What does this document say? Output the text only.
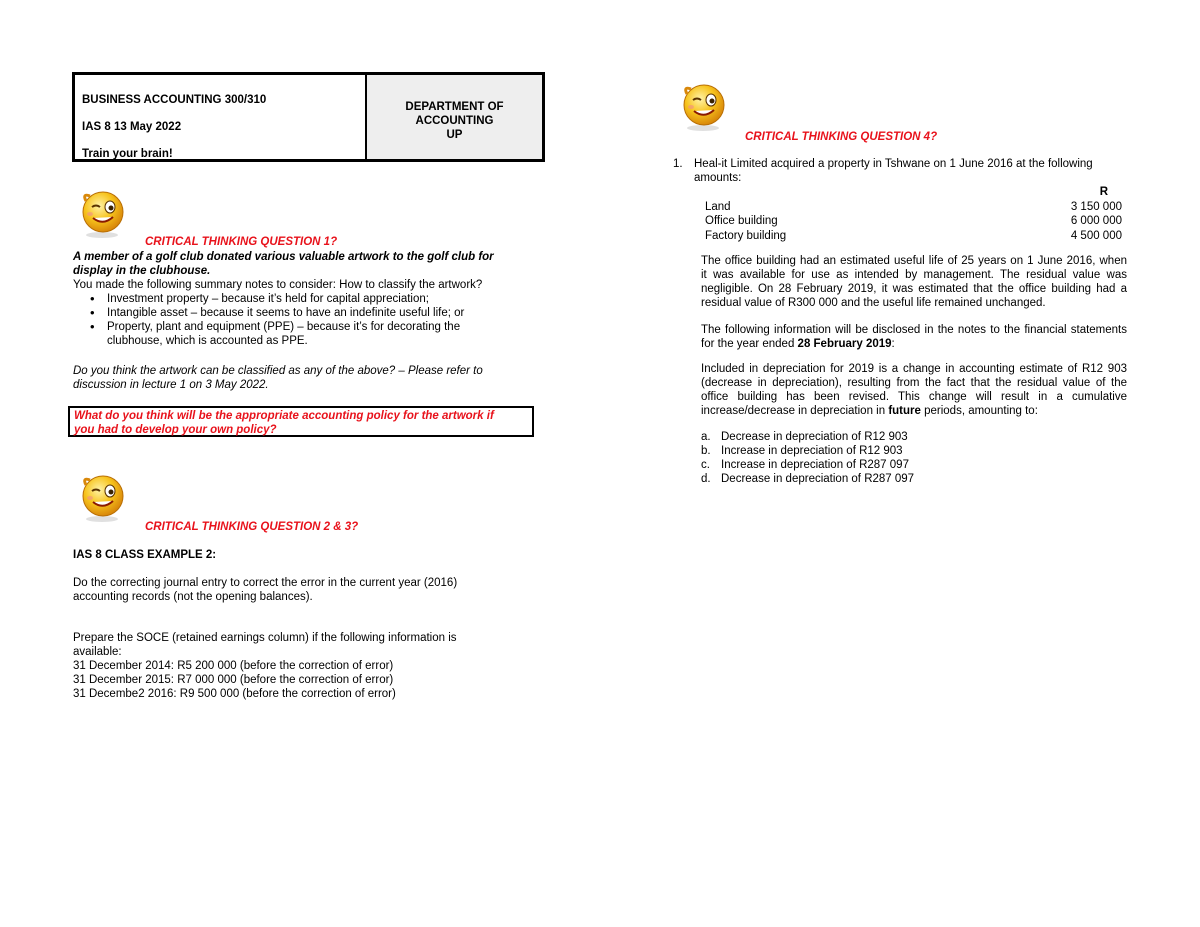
BUSINESS ACCOUNTING 300/310
IAS 8 13 May 2022
Train your brain!
DEPARTMENT OF
ACCOUNTING
UP
CRITICAL THINKING QUESTION 1?
A member of a golf club donated various valuable artwork to the golf club for
display in the clubhouse.
You made the following summary notes to consider: How to classify the artwork?
• Investment property – because it’s held for capital appreciation;
• Intangible asset – because it seems to have an indefinite useful life; or
• Property, plant and equipment (PPE) – because it’s for decorating the
clubhouse, which is accounted as PPE.
Do you think the artwork can be classified as any of the above? – Please refer to
discussion in lecture 1 on 3 May 2022.
What do you think will be the appropriate accounting policy for the artwork if
you had to develop your own policy?
CRITICAL THINKING QUESTION 2 & 3?
IAS 8 CLASS EXAMPLE 2:
Do the correcting journal entry to correct the error in the current year (2016)
accounting records (not the opening balances).
Prepare the SOCE (retained earnings column) if the following information is
available:
31 December 2014: R5 200 000 (before the correction of error)
31 December 2015: R7 000 000 (before the correction of error)
31 Decembe2 2016: R9 500 000 (before the correction of error)
CRITICAL THINKING QUESTION 4?
1. Heal-it Limited acquired a property in Tshwane on 1 June 2016 at the following
amounts:
	R
Land	3 150 000
Office building	6 000 000
Factory building	4 500 000
The office building had an estimated useful life of 25 years on 1 June 2016, when
it was available for use as intended by management. The residual value was
negligible. On 28 February 2019, it was estimated that the office building had a
residual value of R300 000 and the useful life remained unchanged.
The following information will be disclosed in the notes to the financial statements
for the year ended 28 February 2019:
Included in depreciation for 2019 is a change in accounting estimate of R12 903
(decrease in depreciation), resulting from the fact that the residual value of the
office building has been revised. This change will result in a cumulative
increase/decrease in depreciation in future periods, amounting to:
a. Decrease in depreciation of R12 903
b. Increase in depreciation of R12 903
c. Increase in depreciation of R287 097
d. Decrease in depreciation of R287 097
